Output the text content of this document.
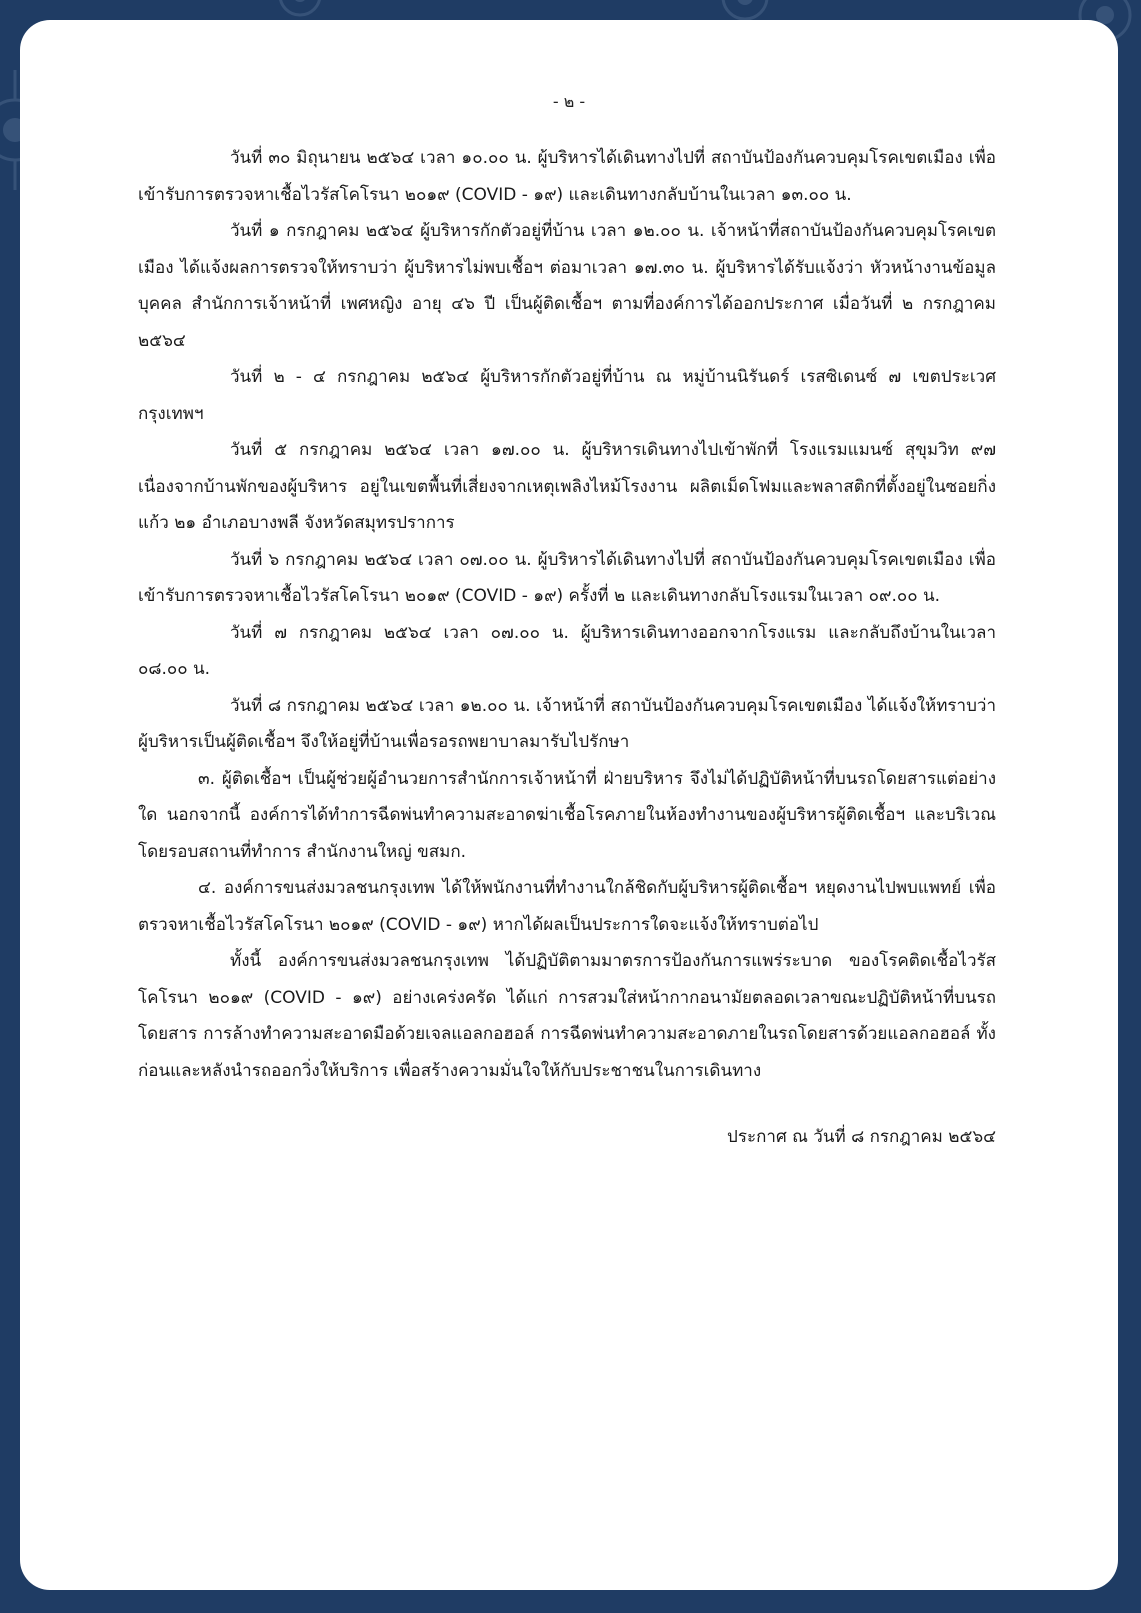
- ๒ -

วันที่ ๓๐ มิถุนายน ๒๕๖๔ เวลา ๑๐.๐๐ น. ผู้บริหารได้เดินทางไปที่ สถาบันป้องกันควบคุมโรคเขตเมือง เพื่อเข้ารับการตรวจหาเชื้อไวรัสโคโรนา ๒๐๑๙ (COVID - ๑๙) และเดินทางกลับบ้านในเวลา ๑๓.๐๐ น.

วันที่ ๑ กรกฎาคม ๒๕๖๔ ผู้บริหารกักตัวอยู่ที่บ้าน เวลา ๑๒.๐๐ น. เจ้าหน้าที่สถาบันป้องกันควบคุมโรคเขตเมือง ได้แจ้งผลการตรวจให้ทราบว่า ผู้บริหารไม่พบเชื้อฯ ต่อมาเวลา ๑๗.๓๐ น. ผู้บริหารได้รับแจ้งว่า หัวหน้างานข้อมูลบุคคล สำนักการเจ้าหน้าที่ เพศหญิง อายุ ๔๖ ปี เป็นผู้ติดเชื้อฯ ตามที่องค์การได้ออกประกาศ เมื่อวันที่ ๒ กรกฎาคม ๒๕๖๔

วันที่ ๒ - ๔ กรกฎาคม ๒๕๖๔ ผู้บริหารกักตัวอยู่ที่บ้าน ณ หมู่บ้านนิรันดร์ เรสซิเดนซ์ ๗ เขตประเวศ กรุงเทพฯ

วันที่ ๕ กรกฎาคม ๒๕๖๔ เวลา ๑๗.๐๐ น. ผู้บริหารเดินทางไปเข้าพักที่ โรงแรมแมนซ์ สุขุมวิท ๙๗ เนื่องจากบ้านพักของผู้บริหาร อยู่ในเขตพื้นที่เสี่ยงจากเหตุเพลิงไหม้โรงงาน ผลิตเม็ดโฟมและพลาสติกที่ตั้งอยู่ในซอยกิ่งแก้ว ๒๑ อำเภอบางพลี จังหวัดสมุทรปราการ

วันที่ ๖ กรกฎาคม ๒๕๖๔ เวลา ๐๗.๐๐ น. ผู้บริหารได้เดินทางไปที่ สถาบันป้องกันควบคุมโรคเขตเมือง เพื่อเข้ารับการตรวจหาเชื้อไวรัสโคโรนา ๒๐๑๙ (COVID - ๑๙) ครั้งที่ ๒ และเดินทางกลับโรงแรมในเวลา ๐๙.๐๐ น.

วันที่ ๗ กรกฎาคม ๒๕๖๔ เวลา ๐๗.๐๐ น. ผู้บริหารเดินทางออกจากโรงแรม และกลับถึงบ้านในเวลา ๐๘.๐๐ น.

วันที่ ๘ กรกฎาคม ๒๕๖๔ เวลา ๑๒.๐๐ น. เจ้าหน้าที่ สถาบันป้องกันควบคุมโรคเขตเมือง ได้แจ้งให้ทราบว่า ผู้บริหารเป็นผู้ติดเชื้อฯ จึงให้อยู่ที่บ้านเพื่อรอรถพยาบาลมารับไปรักษา

๓. ผู้ติดเชื้อฯ เป็นผู้ช่วยผู้อำนวยการสำนักการเจ้าหน้าที่ ฝ่ายบริหาร จึงไม่ได้ปฏิบัติหน้าที่บนรถโดยสารแต่อย่างใด นอกจากนี้ องค์การได้ทำการฉีดพ่นทำความสะอาดฆ่าเชื้อโรคภายในห้องทำงานของผู้บริหารผู้ติดเชื้อฯ และบริเวณโดยรอบสถานที่ทำการ สำนักงานใหญ่ ขสมก.

๔. องค์การขนส่งมวลชนกรุงเทพ ได้ให้พนักงานที่ทำงานใกล้ชิดกับผู้บริหารผู้ติดเชื้อฯ หยุดงานไปพบแพทย์ เพื่อตรวจหาเชื้อไวรัสโคโรนา ๒๐๑๙ (COVID - ๑๙) หากได้ผลเป็นประการใดจะแจ้งให้ทราบต่อไป

ทั้งนี้ องค์การขนส่งมวลชนกรุงเทพ ได้ปฏิบัติตามมาตรการป้องกันการแพร่ระบาด ของโรคติดเชื้อไวรัสโคโรนา ๒๐๑๙ (COVID - ๑๙) อย่างเคร่งครัด ได้แก่ การสวมใส่หน้ากากอนามัยตลอดเวลาขณะปฏิบัติหน้าที่บนรถโดยสาร การล้างทำความสะอาดมือด้วยเจลแอลกอฮอล์ การฉีดพ่นทำความสะอาดภายในรถโดยสารด้วยแอลกอฮอล์ ทั้งก่อนและหลังนำรถออกวิ่งให้บริการ เพื่อสร้างความมั่นใจให้กับประชาชนในการเดินทาง

ประกาศ ณ วันที่ ๘ กรกฎาคม ๒๕๖๔
